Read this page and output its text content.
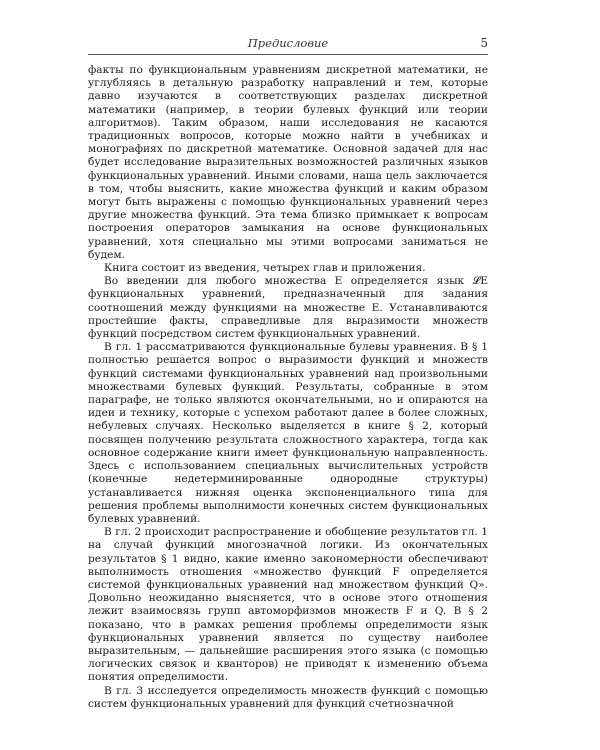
Предисловие	5

факты по функциональным уравнениям дискретной математики, не углубляясь в детальную разработку направлений и тем, которые давно изучаются в соответствующих разделах дискретной математики (например, в теории булевых функций или теории алгоритмов). Таким образом, наши исследования не касаются традиционных вопросов, которые можно найти в учебниках и монографиях по дискретной математике. Основной задачей для нас будет исследование выразительных возможностей различных языков функциональных уравнений. Иными словами, наша цель заключается в том, чтобы выяснить, какие множества функций и каким образом могут быть выражены с помощью функциональных уравнений через другие множества функций. Эта тема близко примыкает к вопросам построения операторов замыкания на основе функциональных уравнений, хотя специально мы этими вопросами заниматься не будем.

Книга состоит из введения, четырех глав и приложения.

Во введении для любого множества E определяется язык 𝓛E функциональных уравнений, предназначенный для задания соотношений между функциями на множестве E. Устанавливаются простейшие факты, справедливые для выразимости множеств функций посредством систем функциональных уравнений.

В гл. 1 рассматриваются функциональные булевы уравнения. В § 1 полностью решается вопрос о выразимости функций и множеств функций системами функциональных уравнений над произвольными множествами булевых функций. Результаты, собранные в этом параграфе, не только являются окончательными, но и опираются на идеи и технику, которые с успехом работают далее в более сложных, небулевых случаях. Несколько выделяется в книге § 2, который посвящен получению результата сложностного характера, тогда как основное содержание книги имеет функциональную направленность. Здесь с использованием специальных вычислительных устройств (конечные недетерминированные однородные структуры) устанавливается нижняя оценка экспоненциального типа для решения проблемы выполнимости конечных систем функциональных булевых уравнений.

В гл. 2 происходит распространение и обобщение результатов гл. 1 на случай функций многозначной логики. Из окончательных результатов § 1 видно, какие именно закономерности обеспечивают выполнимость отношения «множество функций F определяется системой функциональных уравнений над множеством функций Q». Довольно неожиданно выясняется, что в основе этого отношения лежит взаимосвязь групп автоморфизмов множеств F и Q. В § 2 показано, что в рамках решения проблемы определимости язык функциональных уравнений является по существу наиболее выразительным, — дальнейшие расширения этого языка (с помощью логических связок и кванторов) не приводят к изменению объема понятия определимости.

В гл. 3 исследуется определимость множеств функций с помощью систем функциональных уравнений для функций счетнозначной
